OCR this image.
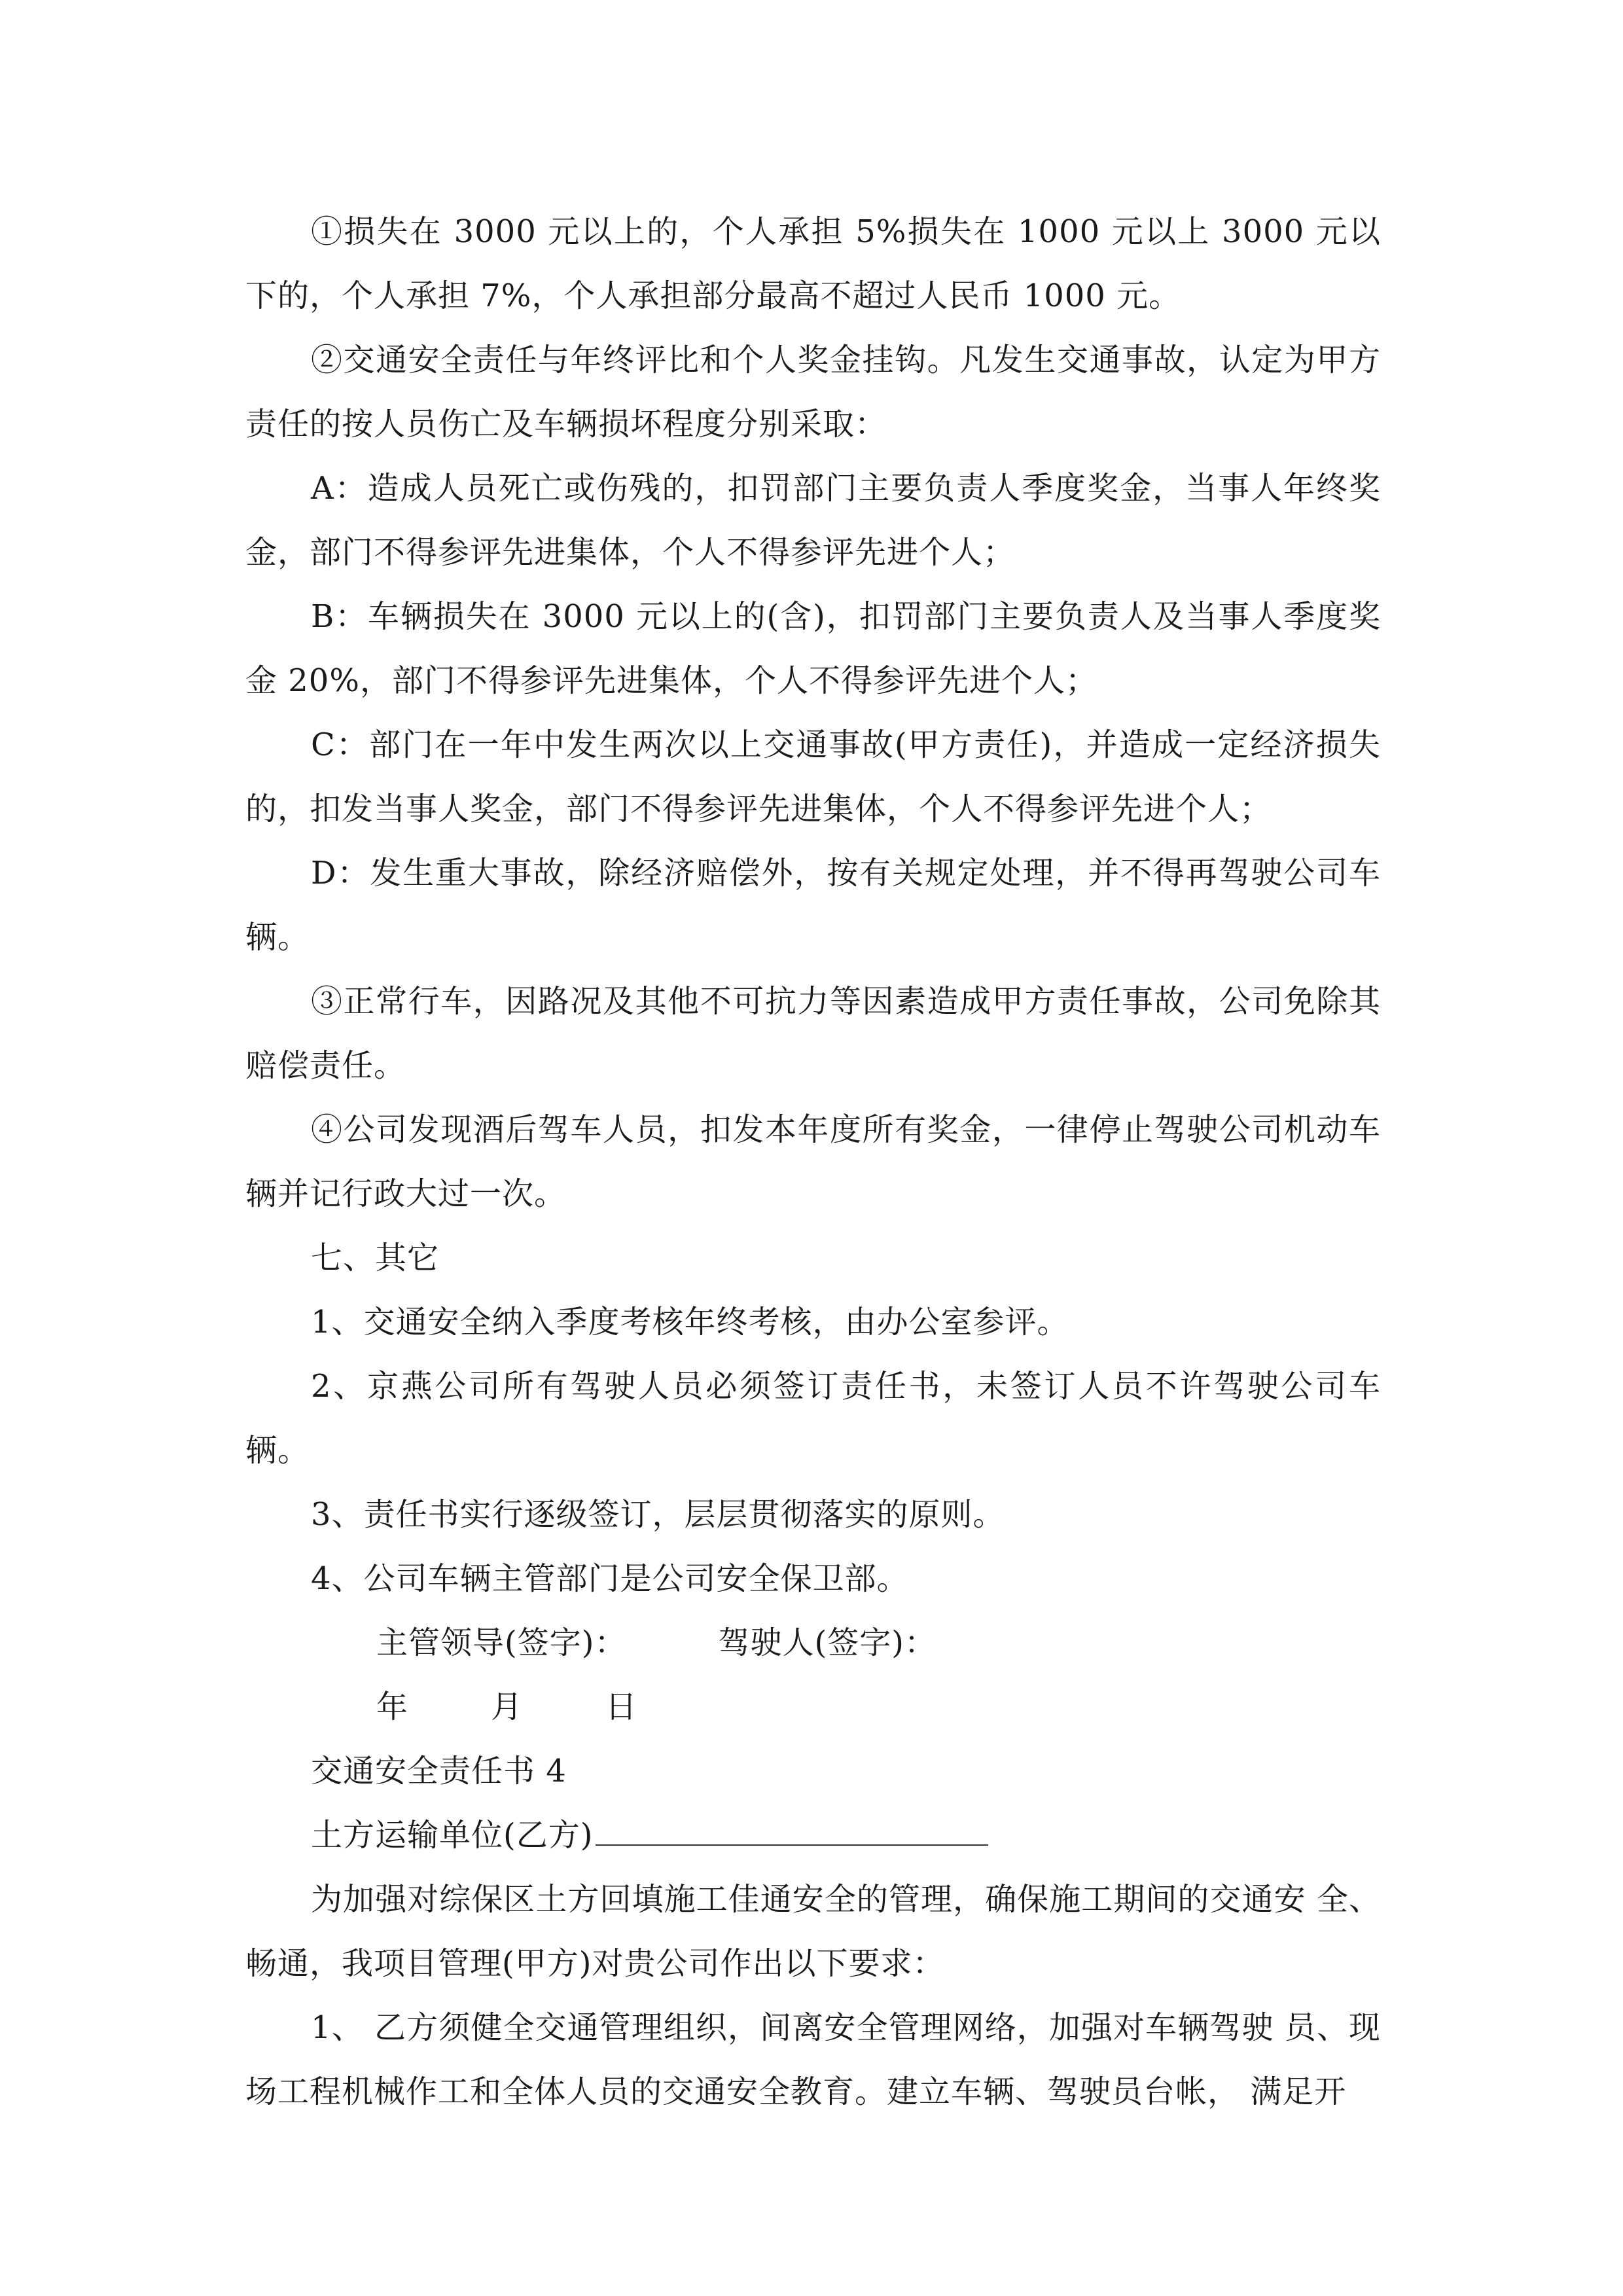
①损失在 3000 元以上的，个人承担 5%损失在 1000 元以上 3000 元以下的，个人承担 7%，个人承担部分最高不超过人民币 1000 元。

②交通安全责任与年终评比和个人奖金挂钩。凡发生交通事故，认定为甲方责任的按人员伤亡及车辆损坏程度分别采取：

A：造成人员死亡或伤残的，扣罚部门主要负责人季度奖金，当事人年终奖金，部门不得参评先进集体，个人不得参评先进个人；

B：车辆损失在 3000 元以上的(含)，扣罚部门主要负责人及当事人季度奖金 20%，部门不得参评先进集体，个人不得参评先进个人；

C：部门在一年中发生两次以上交通事故(甲方责任)，并造成一定经济损失的，扣发当事人奖金，部门不得参评先进集体，个人不得参评先进个人；

D：发生重大事故，除经济赔偿外，按有关规定处理，并不得再驾驶公司车辆。

③正常行车，因路况及其他不可抗力等因素造成甲方责任事故，公司免除其赔偿责任。

④公司发现酒后驾车人员，扣发本年度所有奖金，一律停止驾驶公司机动车辆并记行政大过一次。

七、其它

1、交通安全纳入季度考核年终考核，由办公室参评。

2、京燕公司所有驾驶人员必须签订责任书，未签订人员不许驾驶公司车辆。

3、责任书实行逐级签订，层层贯彻落实的原则。

4、公司车辆主管部门是公司安全保卫部。

主管领导(签字)：	驾驶人(签字)：

年	月	日

交通安全责任书 4

土方运输单位(乙方)

为加强对综保区土方回填施工佳通安全的管理，确保施工期间的交通安 全、畅通，我项目管理(甲方)对贵公司作出以下要求：

1、 乙方须健全交通管理组织，间离安全管理网络，加强对车辆驾驶 员、现场工程机械作工和全体人员的交通安全教育。建立车辆、驾驶员台帐， 满足开
